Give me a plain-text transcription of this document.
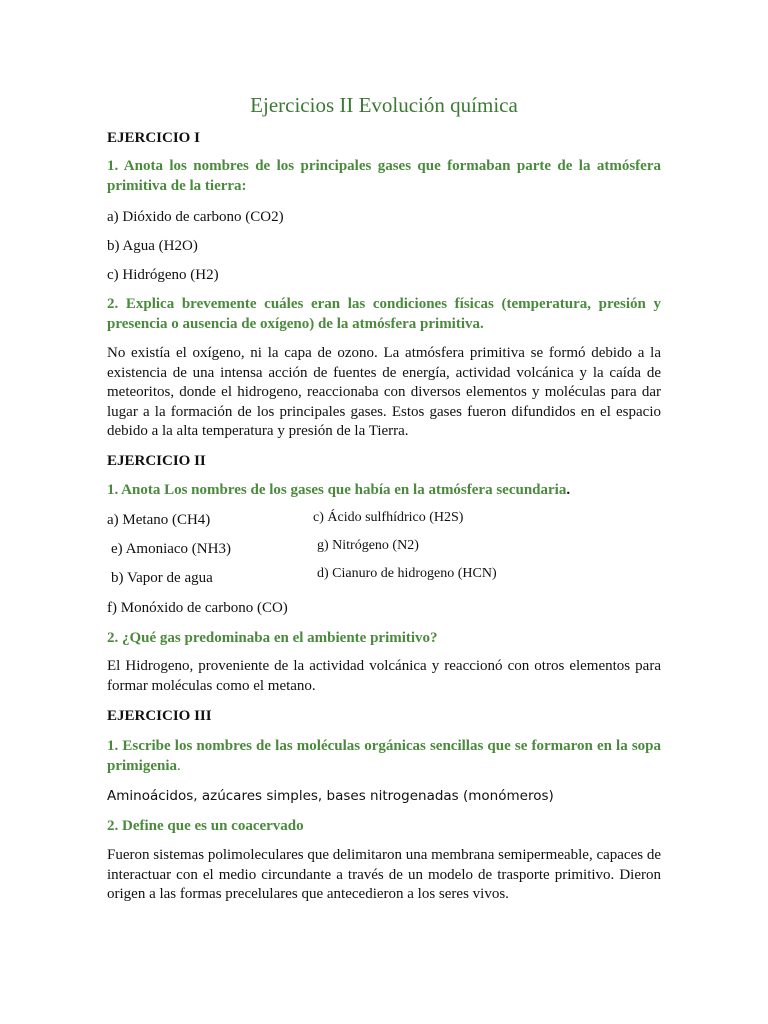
Ejercicios II Evolución química
EJERCICIO I
1. Anota los nombres de los principales gases que formaban parte de la atmósfera primitiva de la tierra:
a) Dióxido de carbono (CO2)
b) Agua (H2O)
c) Hidrógeno (H2)
2. Explica brevemente cuáles eran las condiciones físicas (temperatura, presión y presencia o ausencia de oxígeno) de la atmósfera primitiva.
No existía el oxígeno, ni la capa de ozono. La atmósfera primitiva se formó debido a la existencia de una intensa acción de fuentes de energía, actividad volcánica y la caída de meteoritos, donde el hidrogeno, reaccionaba con diversos elementos y moléculas para dar lugar a la formación de los principales gases. Estos gases fueron difundidos en el espacio debido a la alta temperatura y presión de la Tierra.
EJERCICIO II
1. Anota Los nombres de los gases que había en la atmósfera secundaria.
a) Metano (CH4)
e) Amoniaco (NH3)
b) Vapor de agua
f) Monóxido de carbono (CO)
c) Ácido sulfhídrico (H2S)
g) Nitrógeno (N2)
d) Cianuro de hidrogeno (HCN)
2. ¿Qué gas predominaba en el ambiente primitivo?
El Hidrogeno, proveniente de la actividad volcánica y reaccionó con otros elementos para formar moléculas como el metano.
EJERCICIO III
1. Escribe los nombres de las moléculas orgánicas sencillas que se formaron en la sopa primigenia.
Aminoácidos, azúcares simples, bases nitrogenadas (monómeros)
2. Define que es un coacervado
Fueron sistemas polimoleculares que delimitaron una membrana semipermeable, capaces de interactuar con el medio circundante a través de un modelo de trasporte primitivo. Dieron origen a las formas precelulares que antecedieron a los seres vivos.
